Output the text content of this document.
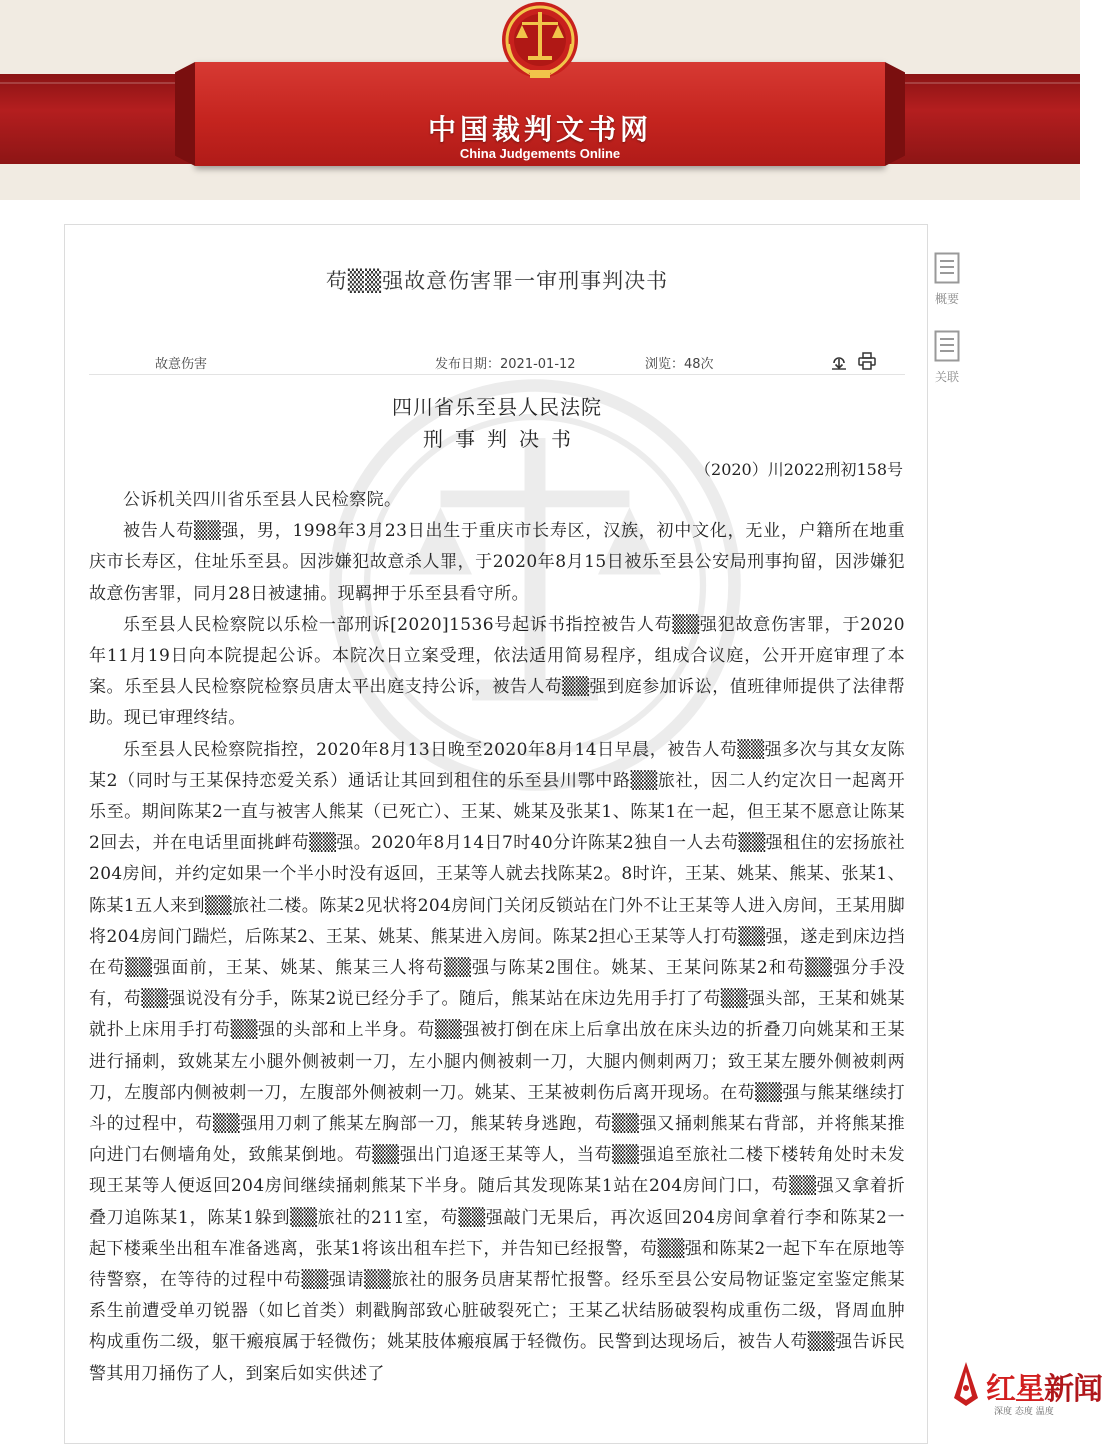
中国裁判文书网
China Judgements Online
苟▒▒强故意伤害罪一审刑事判决书
故意伤害	发布日期：2021-01-12	浏览：48次
四川省乐至县人民法院
刑事判决书
（2020）川2022刑初158号

公诉机关四川省乐至县人民检察院。

被告人苟▒▒强，男，1998年3月23日出生于重庆市长寿区，汉族，初中文化，无业，户籍所在地重庆市长寿区，住址乐至县。因涉嫌犯故意杀人罪，于2020年8月15日被乐至县公安局刑事拘留，因涉嫌犯故意伤害罪，同月28日被逮捕。现羁押于乐至县看守所。

乐至县人民检察院以乐检一部刑诉[2020]1536号起诉书指控被告人苟▒▒强犯故意伤害罪，于2020年11月19日向本院提起公诉。本院次日立案受理，依法适用简易程序，组成合议庭，公开开庭审理了本案。乐至县人民检察院检察员唐太平出庭支持公诉，被告人苟▒▒强到庭参加诉讼，值班律师提供了法律帮助。现已审理终结。

乐至县人民检察院指控，2020年8月13日晚至2020年8月14日早晨，被告人苟▒▒强多次与其女友陈某2（同时与王某保持恋爱关系）通话让其回到租住的乐至县川鄂中路▒▒旅社，因二人约定次日一起离开乐至。期间陈某2一直与被害人熊某（已死亡）、王某、姚某及张某1、陈某1在一起，但王某不愿意让陈某2回去，并在电话里面挑衅苟▒▒强。2020年8月14日7时40分许陈某2独自一人去苟▒▒强租住的宏扬旅社204房间，并约定如果一个半小时没有返回，王某等人就去找陈某2。8时许，王某、姚某、熊某、张某1、陈某1五人来到▒▒旅社二楼。陈某2见状将204房间门关闭反锁站在门外不让王某等人进入房间，王某用脚将204房间门踹烂，后陈某2、王某、姚某、熊某进入房间。陈某2担心王某等人打苟▒▒强，遂走到床边挡在苟▒▒强面前，王某、姚某、熊某三人将苟▒▒强与陈某2围住。姚某、王某问陈某2和苟▒▒强分手没有，苟▒▒强说没有分手，陈某2说已经分手了。随后，熊某站在床边先用手打了苟▒▒强头部，王某和姚某就扑上床用手打苟▒▒强的头部和上半身。苟▒▒强被打倒在床上后拿出放在床头边的折叠刀向姚某和王某进行捅刺，致姚某左小腿外侧被刺一刀，左小腿内侧被刺一刀，大腿内侧刺两刀；致王某左腰外侧被刺两刀，左腹部内侧被刺一刀，左腹部外侧被刺一刀。姚某、王某被刺伤后离开现场。在苟▒▒强与熊某继续打斗的过程中，苟▒▒强用刀刺了熊某左胸部一刀，熊某转身逃跑，苟▒▒强又捅刺熊某右背部，并将熊某推向进门右侧墙角处，致熊某倒地。苟▒▒强出门追逐王某等人，当苟▒▒强追至旅社二楼下楼转角处时未发现王某等人便返回204房间继续捅刺熊某下半身。随后其发现陈某1站在204房间门口，苟▒▒强又拿着折叠刀追陈某1，陈某1躲到▒▒旅社的211室，苟▒▒强敲门无果后，再次返回204房间拿着行李和陈某2一起下楼乘坐出租车准备逃离，张某1将该出租车拦下，并告知已经报警，苟▒▒强和陈某2一起下车在原地等待警察，在等待的过程中苟▒▒强请▒▒旅社的服务员唐某帮忙报警。经乐至县公安局物证鉴定室鉴定熊某系生前遭受单刃锐器（如匕首类）刺戳胸部致心脏破裂死亡；王某乙状结肠破裂构成重伤二级，肾周血肿构成重伤二级，躯干瘢痕属于轻微伤；姚某肢体瘢痕属于轻微伤。民警到达现场后，被告人苟▒▒强告诉民警其用刀捅伤了人，到案后如实供述了

概要
关联
红星新闻
深度 态度 温度
